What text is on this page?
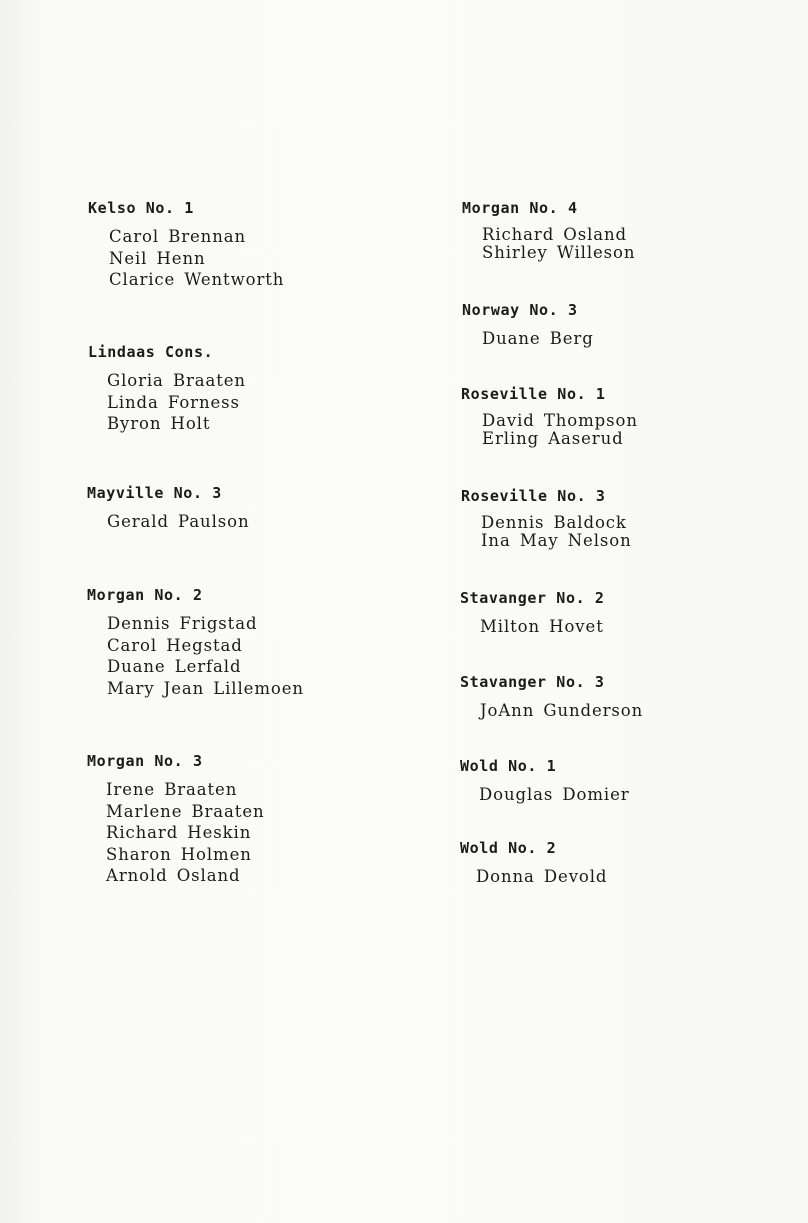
Kelso No. 1
Carol Brennan
Neil Henn
Clarice Wentworth
Lindaas Cons.
Gloria Braaten
Linda Forness
Byron Holt
Mayville No. 3
Gerald Paulson
Morgan No. 2
Dennis Frigstad
Carol Hegstad
Duane Lerfald
Mary Jean Lillemoen
Morgan No. 3
Irene Braaten
Marlene Braaten
Richard Heskin
Sharon Holmen
Arnold Osland
Morgan No. 4
Richard Osland
Shirley Willeson
Norway No. 3
Duane Berg
Roseville No. 1
David Thompson
Erling Aaserud
Roseville No. 3
Dennis Baldock
Ina May Nelson
Stavanger No. 2
Milton Hovet
Stavanger No. 3
JoAnn Gunderson
Wold No. 1
Douglas Domier
Wold No. 2
Donna Devold
